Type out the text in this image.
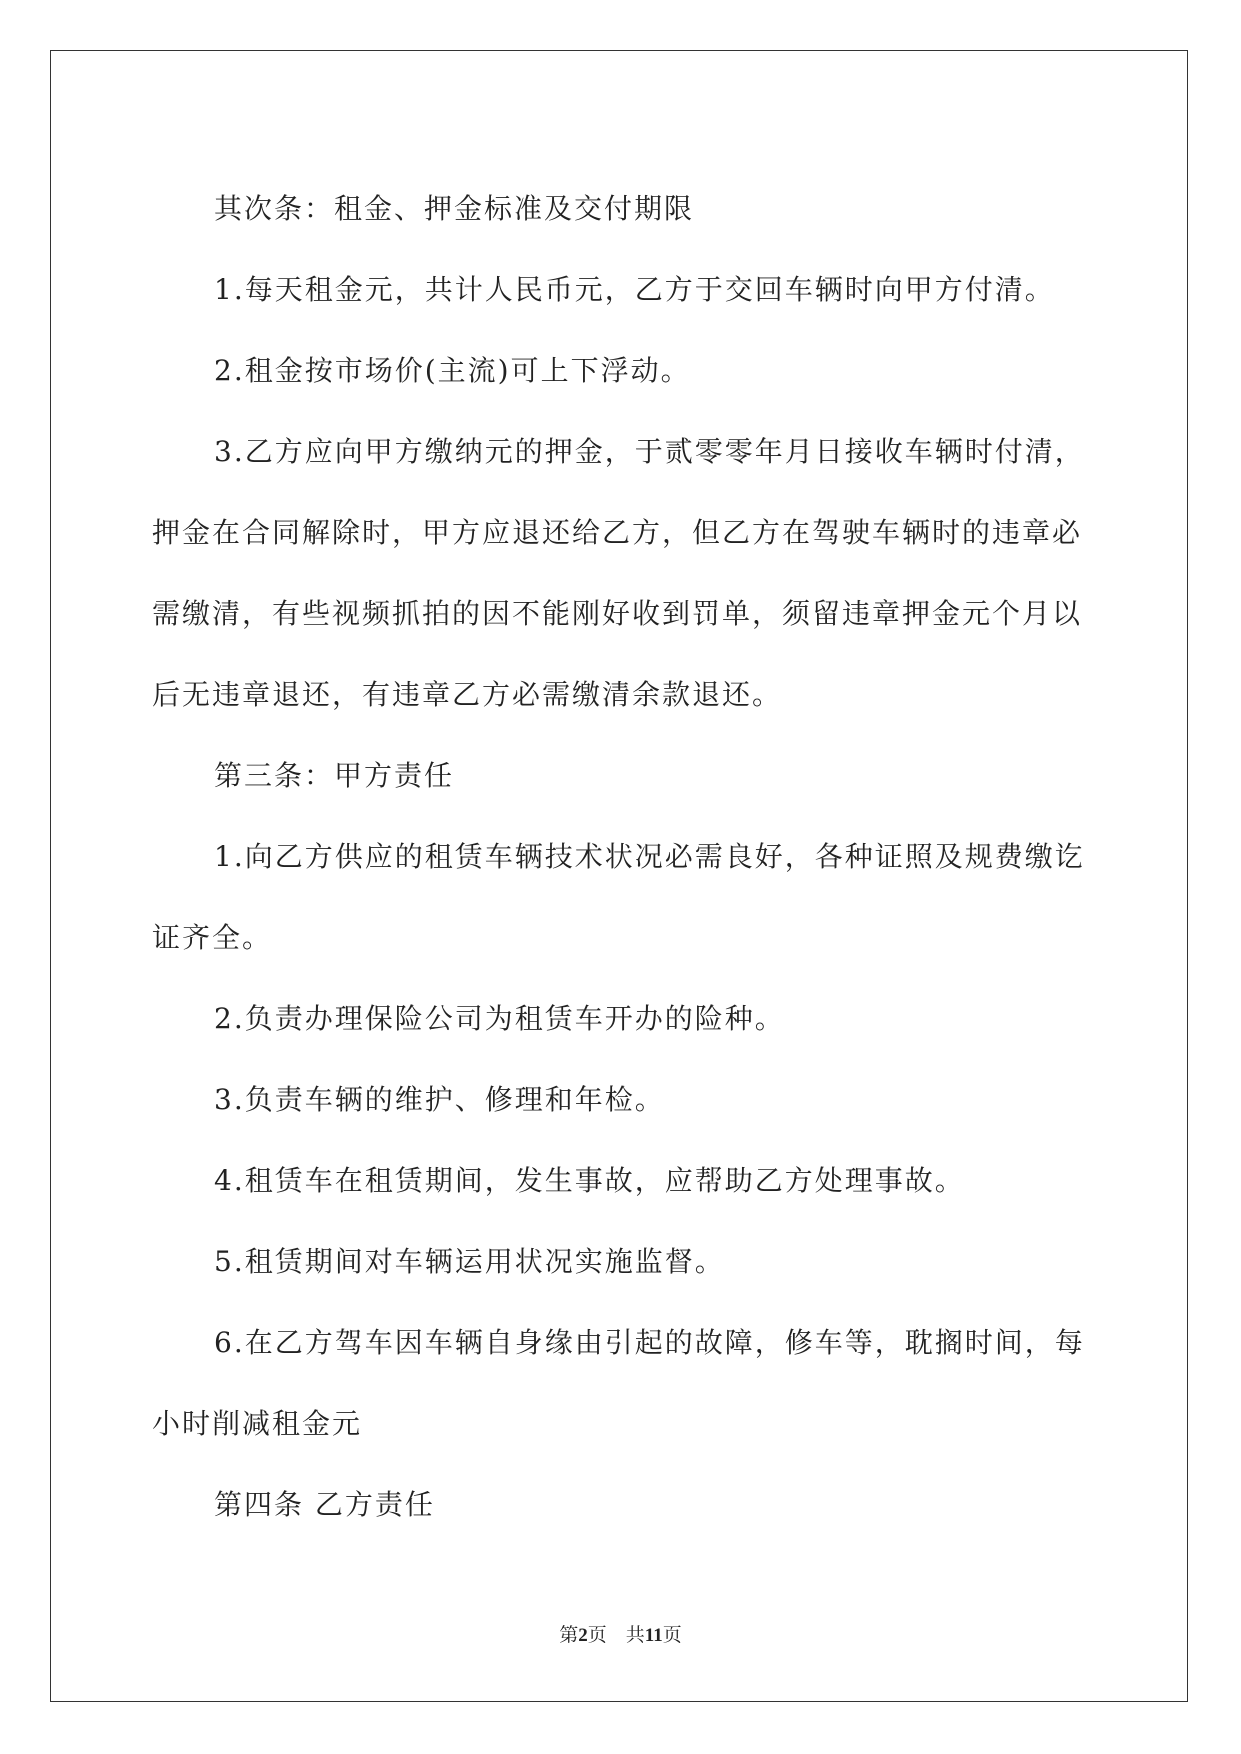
其次条：租金、押金标准及交付期限

1.每天租金元，共计人民币元，乙方于交回车辆时向甲方付清。

2.租金按市场价(主流)可上下浮动。

3.乙方应向甲方缴纳元的押金，于贰零零年月日接收车辆时付清，押金在合同解除时，甲方应退还给乙方，但乙方在驾驶车辆时的违章必需缴清，有些视频抓拍的因不能刚好收到罚单，须留违章押金元个月以后无违章退还，有违章乙方必需缴清余款退还。

第三条：甲方责任

1.向乙方供应的租赁车辆技术状况必需良好，各种证照及规费缴讫证齐全。

2.负责办理保险公司为租赁车开办的险种。

3.负责车辆的维护、修理和年检。

4.租赁车在租赁期间，发生事故，应帮助乙方处理事故。

5.租赁期间对车辆运用状况实施监督。

6.在乙方驾车因车辆自身缘由引起的故障，修车等，耽搁时间，每小时削减租金元

第四条 乙方责任

第2页 共11页
